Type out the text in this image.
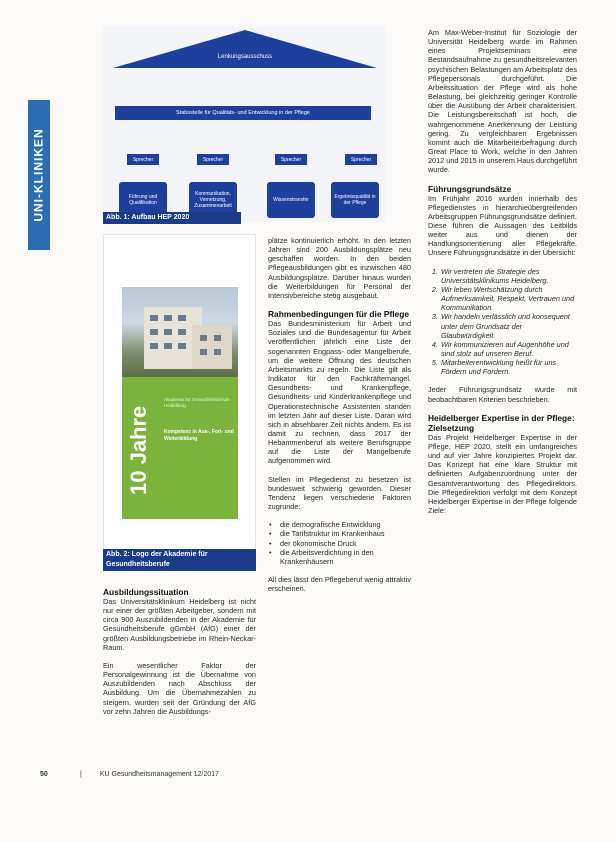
UNI-KLINIKEN
Lenkungsausschuss
Stabsstelle für Qualitäts- und Entwicklung in der Pflege
Sprecher	Sprecher	Sprecher	Sprecher
Führung und Qualifikation
Kommunikation, Vernetzung, Zusammenarbeit
Wissenstransfer	Ergebnisqualität in der Pflege
Abb. 1: Aufbau HEP 2020
10 Jahre
Akademie für Gesundheitsberufe Heidelberg
Kompetenz in Aus-, Fort- und Weiterbildung
Abb. 2: Logo der Akademie für Gesundheitsberufe
Ausbildungssituation

Das Universitätsklinikum Heidelberg ist nicht nur einer der größten Arbeitgeber, sondern mit circa 900 Auszubildenden in der Akademie für Gesundheitsberufe gGmbH (AfG) einer der größten Ausbildungsbetriebe im Rhein-Neckar-Raum.

Ein wesentlicher Faktor der Personalgewinnung ist die Übernahme von Auszubildenden nach Abschluss der Ausbildung. Um die Übernahmezahlen zu steigern, wurden seit der Gründung der AfG vor zehn Jahren die Ausbildungs-

plätze kontinuierlich erhöht. In den letzten Jahren sind 200 Ausbildungsplätze neu geschaffen worden. In den beiden Pflegeausbildungen gibt es inzwischen 480 Ausbildungsplätze. Darüber hinaus wurden die Weiterbildungen für Personal der Intensivbereiche stetig ausgebaut.

Rahmenbedingungen für die Pflege

Das Bundesministerium für Arbeit und Soziales und die Bundesagentur für Arbeit veröffentlichen jährlich eine Liste der sogenannten Engpass- oder Mangelberufe, um die weitere Öffnung des deutschen Arbeitsmarkts zu regeln. Die Liste gilt als Indikator für den Fachkräftemangel. Gesundheits- und Krankenpflege, Gesundheits- und Kinderkrankenpflege und Operationstechnische Assistenten standen im letzten Jahr auf dieser Liste. Daran wird sich in absehbarer Zeit nichts ändern. Es ist damit zu rechnen, dass 2017 der Hebammenberuf als weitere Berufsgruppe auf die Liste der Mangelberufe aufgenommen wird.

Stellen im Pflegedienst zu besetzen ist bundesweit schwierig geworden. Dieser Tendenz liegen verschiedene Faktoren zugrunde:

• die demografische Entwicklung
• die Tarifstruktur im Krankenhaus
• der ökonomische Druck
• die Arbeitsverdichtung in den Krankenhäusern

All dies lässt den Pflegeberuf wenig attraktiv erscheinen.

Am Max-Weber-Institut für Soziologie der Universität Heidelberg wurde im Rahmen eines Projektseminars eine Bestandsaufnahme zu gesundheitsrelevanten psychischen Belastungen am Arbeitsplatz des Pflegepersonals durchgeführt. Die Arbeitssituation der Pflege wird als hohe Belastung, bei gleichzeitig geringer Kontrolle über die Ausübung der Arbeit charakterisiert. Die Leistungsbereitschaft ist hoch, die wahrgenommene Anerkennung der Leistung gering. Zu vergleichbaren Ergebnissen kommt auch die Mitarbeiterbefragung durch Great Place to Work, welche in den Jahren 2012 und 2015 in unserem Haus durchgeführt wurde.

Führungsgrundsätze

Im Frühjahr 2016 wurden innerhalb des Pflegedienstes in hierarchieübergreifenden Arbeitsgruppen Führungsgrundsätze definiert. Diese führen die Aussagen des Leitbilds weiter aus und dienen der Handlungsorientierung aller Pflegekräfte. Unsere Führungsgrundsätze in der Übersicht:

1. Wir vertreten die Strategie des Universitätsklinikums Heidelberg.
2. Wir leben Wertschätzung durch Aufmerksamkeit, Respekt, Vertrauen und Kommunikation.
3. Wir handeln verlässlich und konsequent unter dem Grundsatz der Glaubwürdigkeit.
4. Wir kommunizieren auf Augenhöhe und sind stolz auf unseren Beruf.
5. Mitarbeiterentwicklung heißt für uns Fördern und Fordern.

Jeder Führungsgrundsatz wurde mit beobachtbaren Kriterien beschrieben.

Heidelberger Expertise in der Pflege: Zielsetzung

Das Projekt Heidelberger Expertise in der Pflege, HEP 2020, stellt ein umfangreiches und auf vier Jahre konzipiertes Projekt dar. Das Konzept hat eine klare Struktur mit definierten Aufgabenzuordnung unter der Gesamtverantwortung des Pflegedirektors. Die Pflegedirektion verfolgt mit dem Konzept Heidelberger Expertise in der Pflege folgende Ziele:

50	|	KU Gesundheitsmanagement 12/2017
